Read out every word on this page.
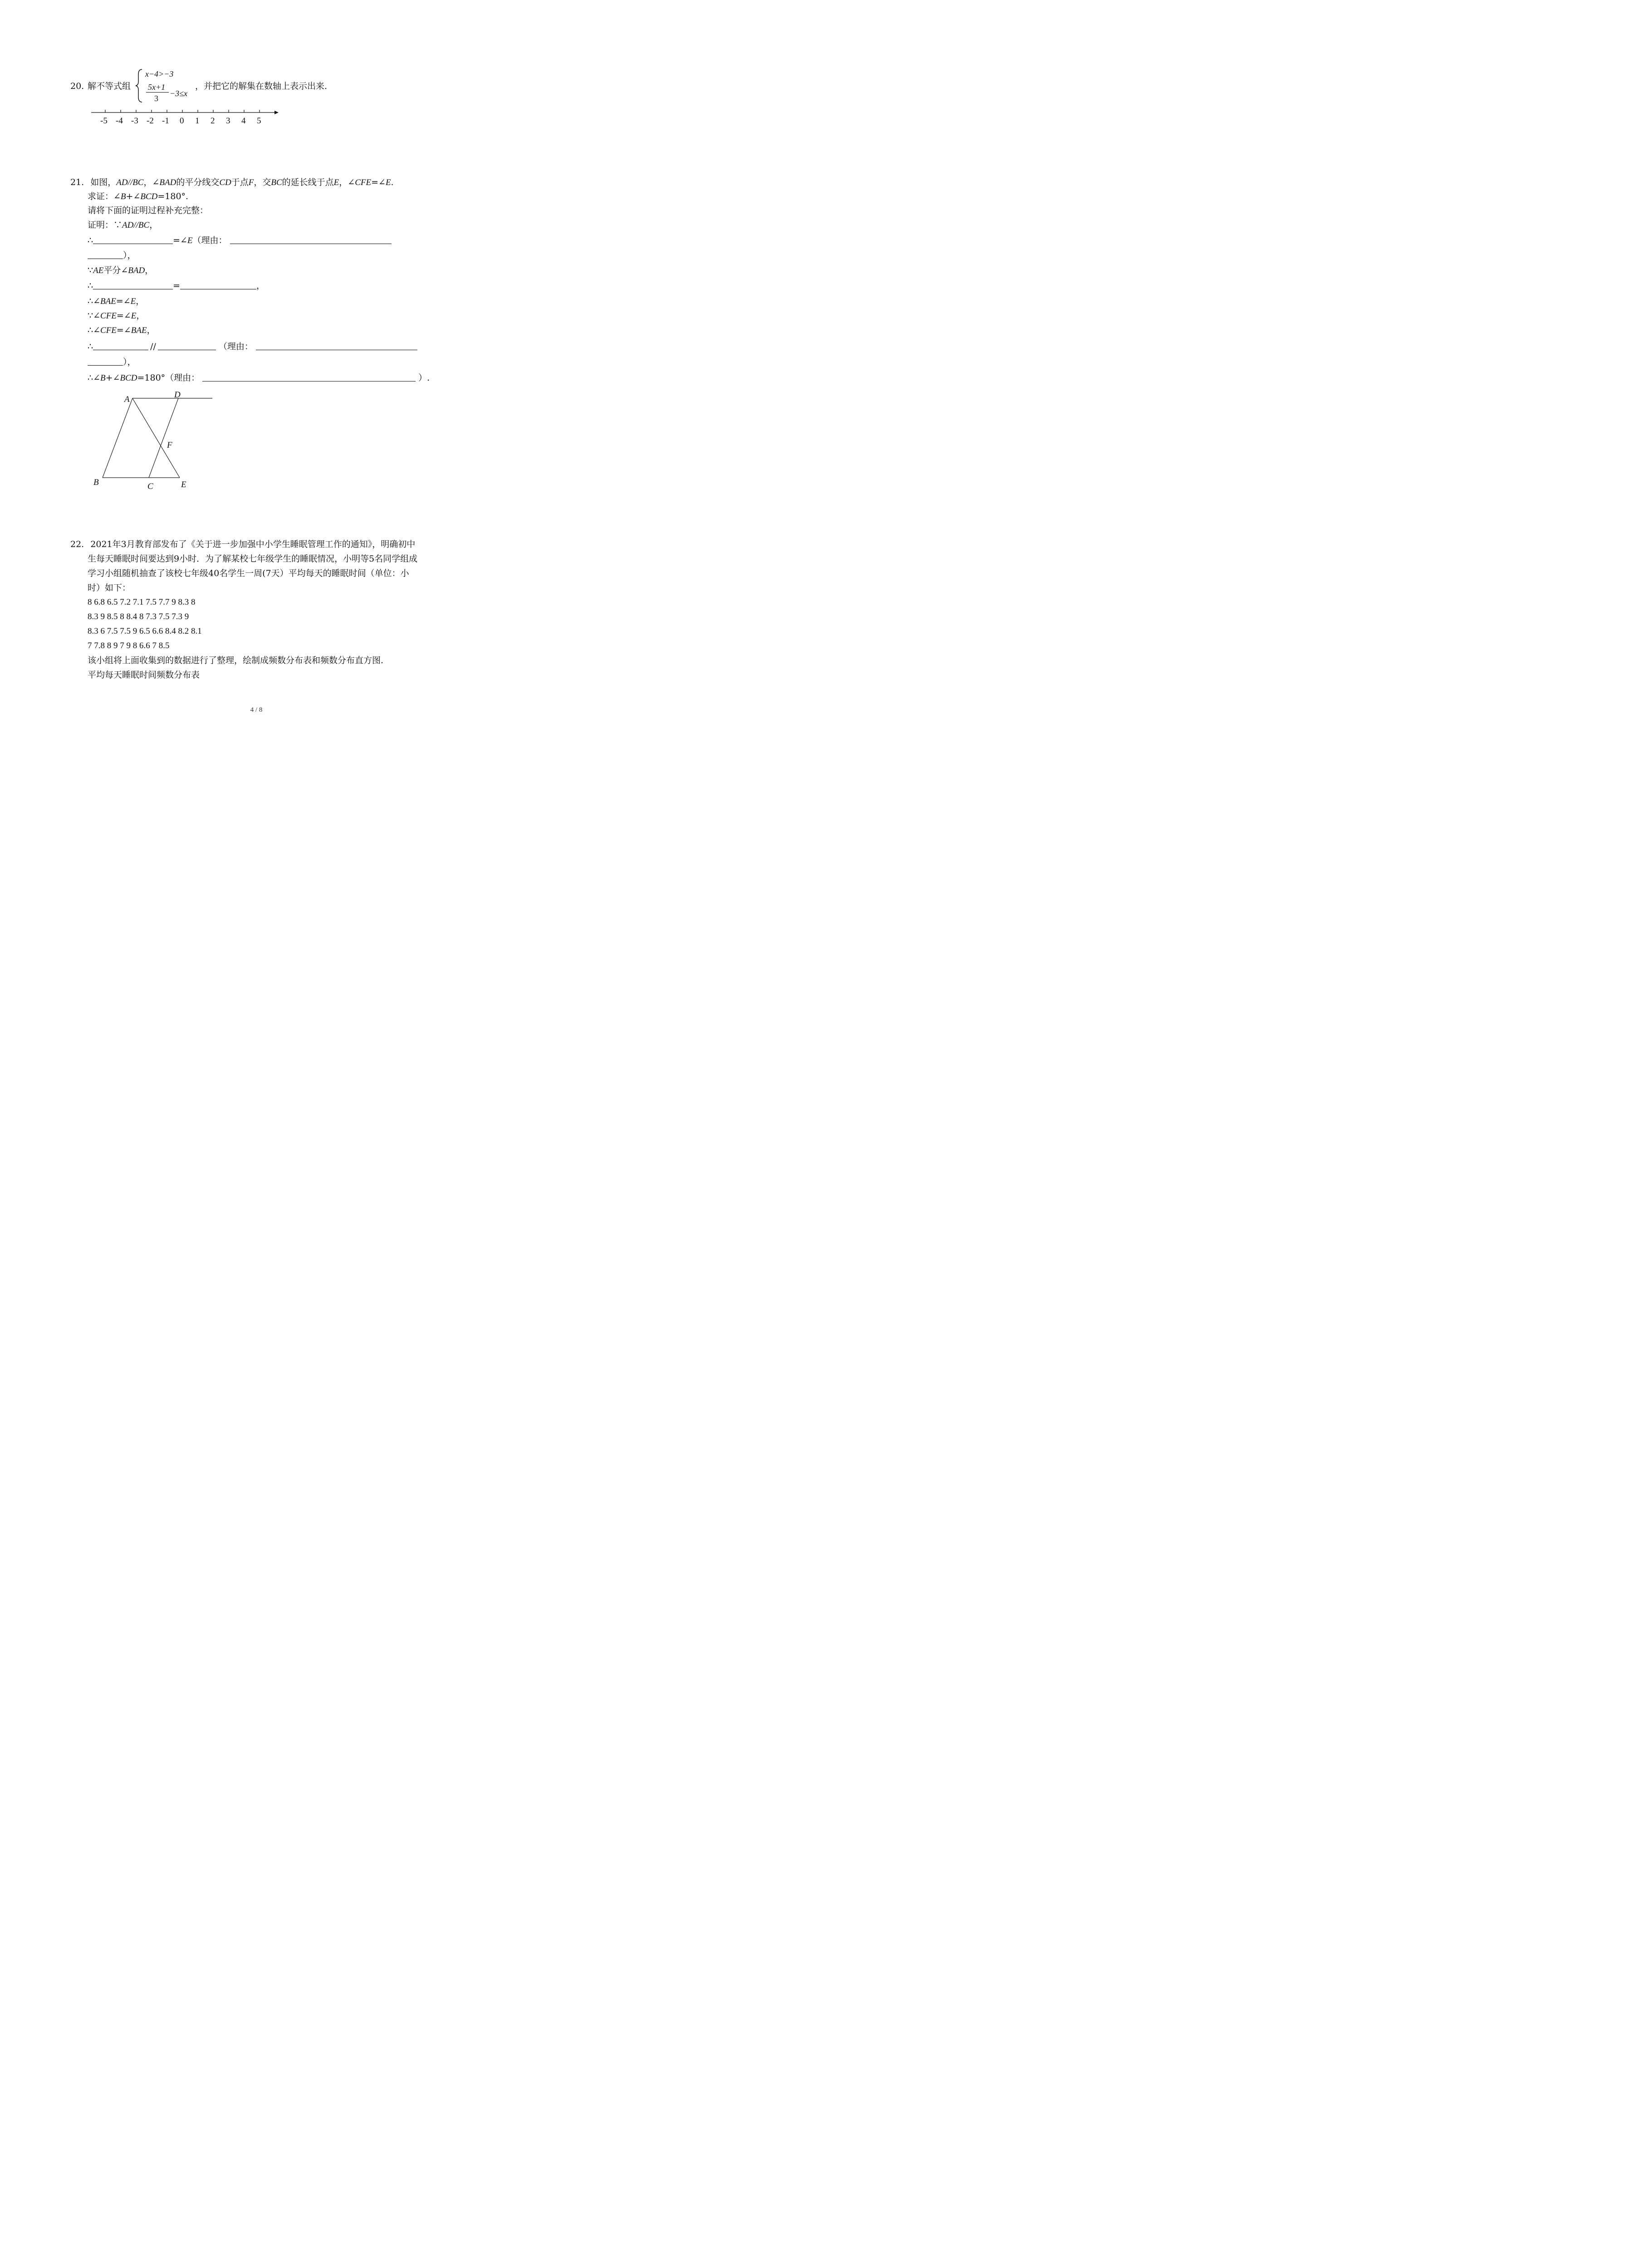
20. 解不等式组
x−4>−3
5x+1
3
−3≤x
，并把它的解集在数轴上表示出来.
-5 -4 -3 -2 -1 0 1 2 3 4 5
21. 如图，AD//BC，∠BAD的平分线交CD于点F，交BC的延长线于点E，∠CFE=∠E.
求证：∠B+∠BCD=180°.
请将下面的证明过程补充完整：
证明：∵AD//BC，
∴	=∠E（理由：
），
∵AE平分∠BAD，
∴	=	，
∴∠BAE=∠E，
∵∠CFE=∠E，
∴∠CFE=∠BAE，
∴	//	（理由：
），
∴∠B+∠BCD=180°（理由：	）.
A	D
F
B	C	E
22. 2021年3月教育部发布了《关于进一步加强中小学生睡眠管理工作的通知》，明确初中
生每天睡眠时间要达到9小时．为了解某校七年级学生的睡眠情况，小明等5名同学组成
学习小组随机抽查了该校七年级40名学生一周(7天）平均每天的睡眠时间（单位：小
时）如下：
8 6.8 6.5 7.2 7.1 7.5 7.7 9 8.3 8
8.3 9 8.5 8 8.4 8 7.3 7.5 7.3 9
8.3 6 7.5 7.5 9 6.5 6.6 8.4 8.2 8.1
7 7.8 8 9 7 9 8 6.6 7 8.5
该小组将上面收集到的数据进行了整理，绘制成频数分布表和频数分布直方图.
平均每天睡眠时间频数分布表
4 / 8
